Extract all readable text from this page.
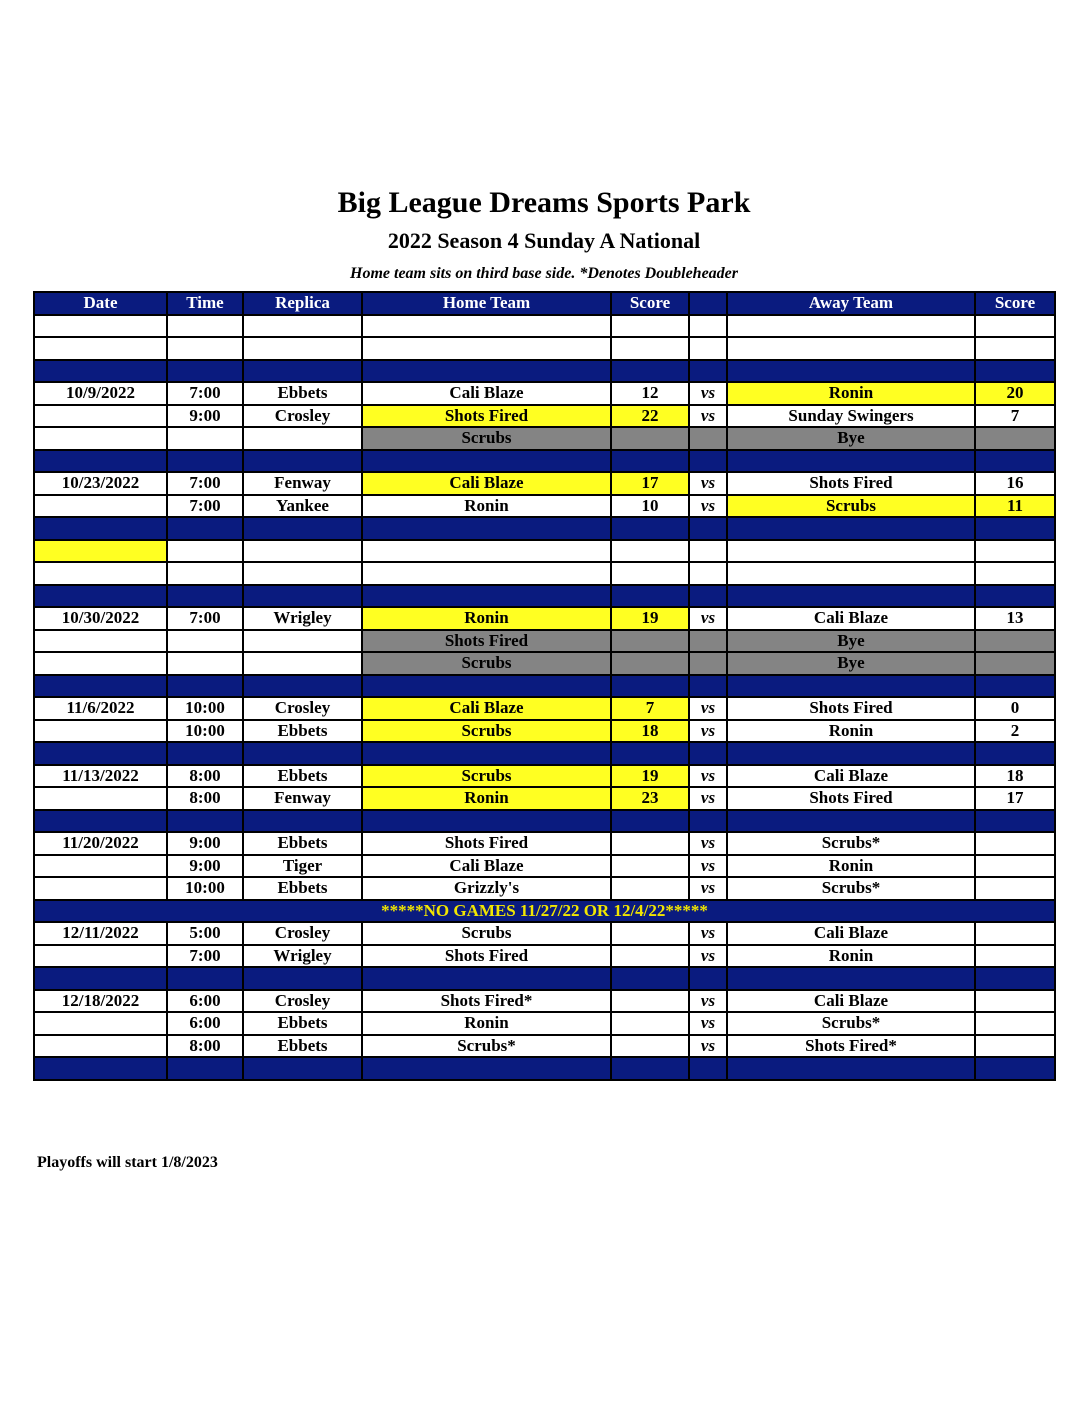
Big League Dreams Sports Park
2022 Season 4 Sunday A National
Home team sits on third base side. *Denotes Doubleheader
Date	Time	Replica	Home Team	Score		Away Team	Score

10/9/2022	7:00	Ebbets	Cali Blaze	12	vs	Ronin	20
	9:00	Crosley	Shots Fired	22	vs	Sunday Swingers	7
			Scrubs			Bye	

10/23/2022	7:00	Fenway	Cali Blaze	17	vs	Shots Fired	16
	7:00	Yankee	Ronin	10	vs	Scrubs	11

10/30/2022	7:00	Wrigley	Ronin	19	vs	Cali Blaze	13
			Shots Fired			Bye	
			Scrubs			Bye	

11/6/2022	10:00	Crosley	Cali Blaze	7	vs	Shots Fired	0
	10:00	Ebbets	Scrubs	18	vs	Ronin	2

11/13/2022	8:00	Ebbets	Scrubs	19	vs	Cali Blaze	18
	8:00	Fenway	Ronin	23	vs	Shots Fired	17

11/20/2022	9:00	Ebbets	Shots Fired		vs	Scrubs*	
	9:00	Tiger	Cali Blaze		vs	Ronin	
	10:00	Ebbets	Grizzly's		vs	Scrubs*	
*****NO GAMES 11/27/22 OR 12/4/22*****							
12/11/2022	5:00	Crosley	Scrubs		vs	Cali Blaze	
	7:00	Wrigley	Shots Fired		vs	Ronin	

12/18/2022	6:00	Crosley	Shots Fired*		vs	Cali Blaze	
	6:00	Ebbets	Ronin		vs	Scrubs*	
	8:00	Ebbets	Scrubs*		vs	Shots Fired*	

Playoffs will start 1/8/2023
